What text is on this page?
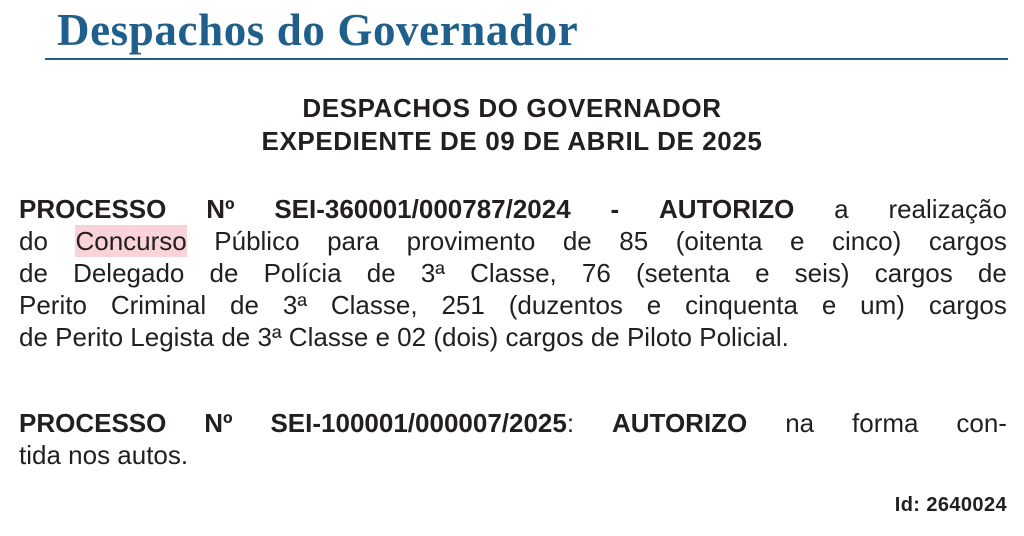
Despachos do Governador
DESPACHOS DO GOVERNADOR
EXPEDIENTE DE 09 DE ABRIL DE 2025
PROCESSO Nº SEI-360001/000787/2024 - AUTORIZO a realização
do Concurso Público para provimento de 85 (oitenta e cinco) cargos
de Delegado de Polícia de 3ª Classe, 76 (setenta e seis) cargos de
Perito Criminal de 3ª Classe, 251 (duzentos e cinquenta e um) cargos
de Perito Legista de 3ª Classe e 02 (dois) cargos de Piloto Policial.
PROCESSO Nº SEI-100001/000007/2025: AUTORIZO na forma con-
tida nos autos.
Id: 2640024
